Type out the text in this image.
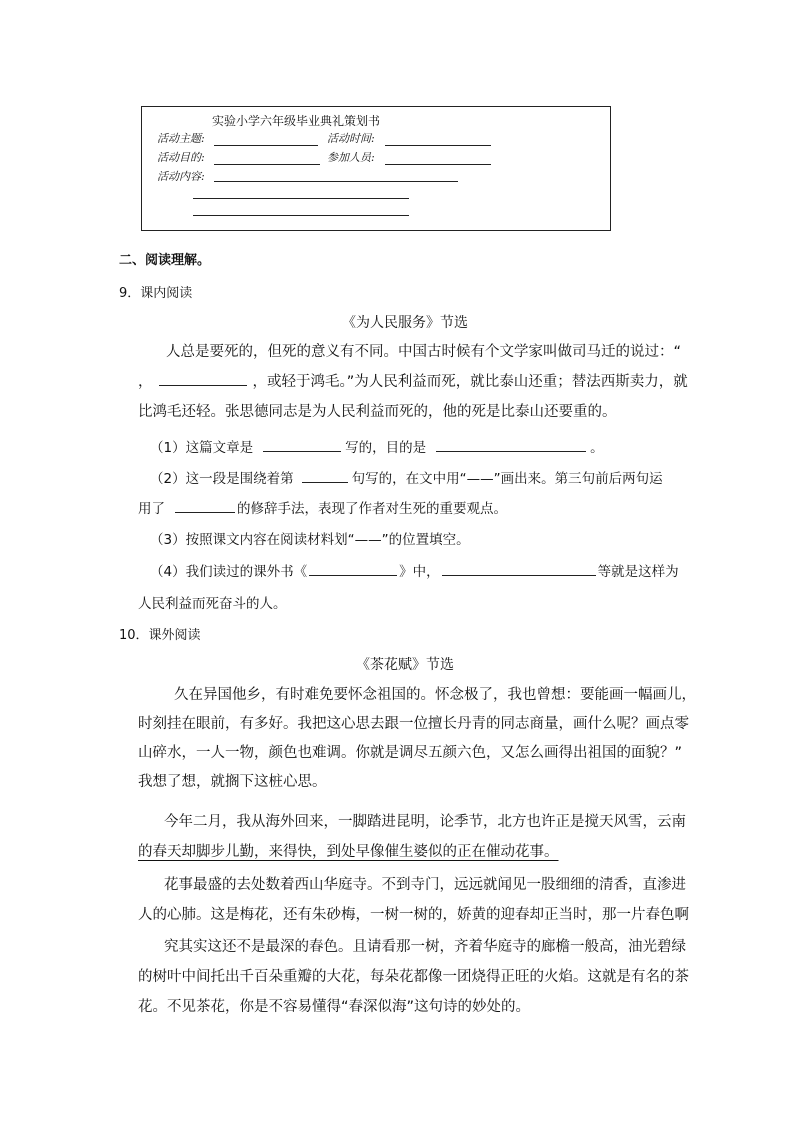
实验小学六年级毕业典礼策划书
活动主题:	活动时间:
活动目的:	参加人员:
活动内容:
二、阅读理解。
9．课内阅读
《为人民服务》节选
人总是要死的，但死的意义有不同。中国古时候有个文学家叫做司马迁的说过：“
，	，或轻于鸿毛。”为人民利益而死，就比泰山还重；替法西斯卖力，就
比鸿毛还轻。张思德同志是为人民利益而死的，他的死是比泰山还要重的。
（1）这篇文章是	写的，目的是	。
（2）这一段是围绕着第	句写的，在文中用“——”画出来。第三句前后两句运
用了	的修辞手法，表现了作者对生死的重要观点。
（3）按照课文内容在阅读材料划“——”的位置填空。
（4）我们读过的课外书《	》中，	等就是这样为
人民利益而死奋斗的人。
10．课外阅读
《茶花赋》节选
久在异国他乡，有时难免要怀念祖国的。怀念极了，我也曾想：要能画一幅画儿，
时刻挂在眼前，有多好。我把这心思去跟一位擅长丹青的同志商量，画什么呢？画点零
山碎水，一人一物，颜色也难调。你就是调尽五颜六色，又怎么画得出祖国的面貌？”
我想了想，就搁下这桩心思。
今年二月，我从海外回来，一脚踏进昆明，论季节，北方也许正是搅天风雪，云南
的春天却脚步儿勤，来得快，到处早像催生婆似的正在催动花事。
花事最盛的去处数着西山华庭寺。不到寺门，远远就闻见一股细细的清香，直渗进
人的心肺。这是梅花，还有朱砂梅，一树一树的，娇黄的迎春却正当时，那一片春色啊
究其实这还不是最深的春色。且请看那一树，齐着华庭寺的廊檐一般高，油光碧绿
的树叶中间托出千百朵重瓣的大花，每朵花都像一团烧得正旺的火焰。这就是有名的茶
花。不见茶花，你是不容易懂得“春深似海”这句诗的妙处的。
